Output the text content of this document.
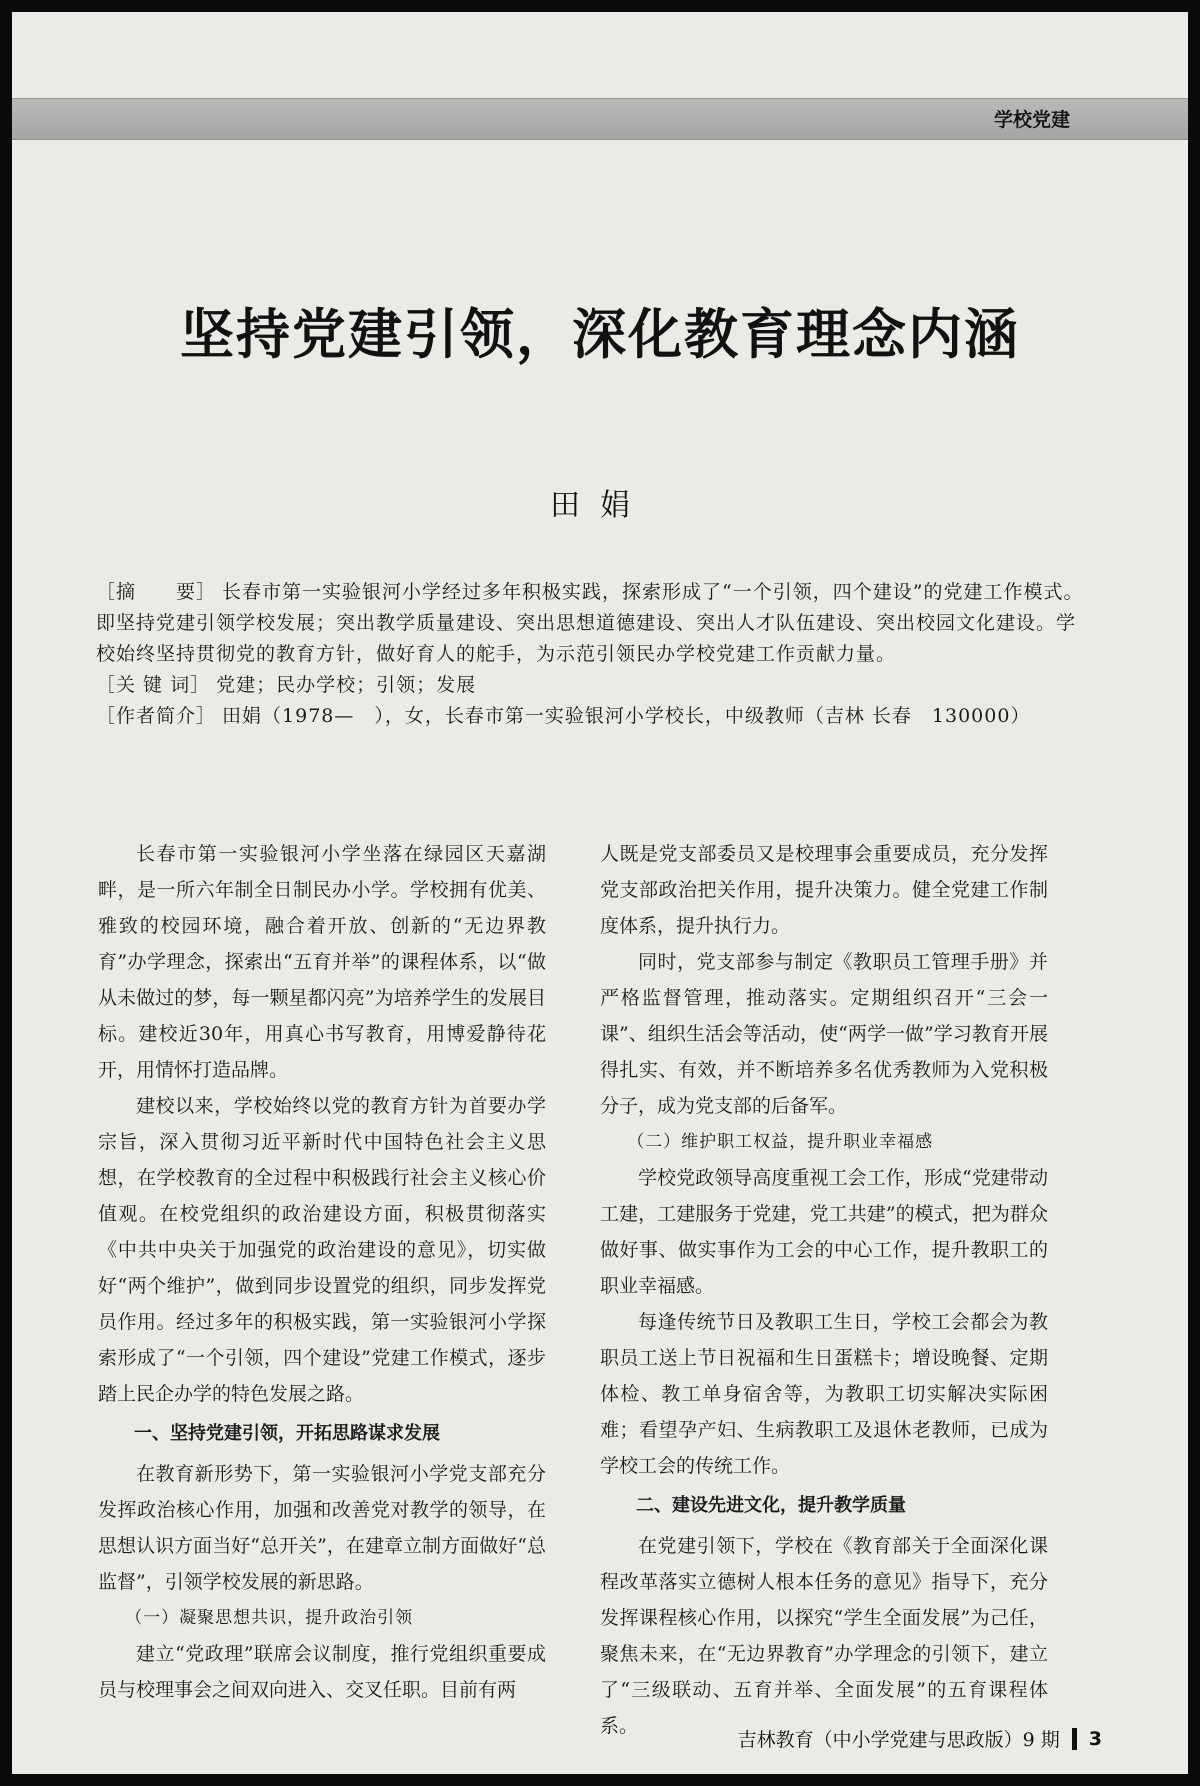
学校党建
坚持党建引领，深化教育理念内涵
田娟

［摘　　要］ 长春市第一实验银河小学经过多年积极实践，探索形成了“一个引领，四个建设”的党建工作模式。即坚持党建引领学校发展；突出教学质量建设、突出思想道德建设、突出人才队伍建设、突出校园文化建设。学校始终坚持贯彻党的教育方针，做好育人的舵手，为示范引领民办学校党建工作贡献力量。

［关 键 词］ 党建；民办学校；引领；发展

［作者简介］ 田娟（1978—　），女，长春市第一实验银河小学校长，中级教师（吉林 长春　130000）

长春市第一实验银河小学坐落在绿园区天嘉湖畔，是一所六年制全日制民办小学。学校拥有优美、雅致的校园环境，融合着开放、创新的“无边界教育”办学理念，探索出“五育并举”的课程体系，以“做从未做过的梦，每一颗星都闪亮”为培养学生的发展目标。建校近30年，用真心书写教育，用博爱静待花开，用情怀打造品牌。

建校以来，学校始终以党的教育方针为首要办学宗旨，深入贯彻习近平新时代中国特色社会主义思想，在学校教育的全过程中积极践行社会主义核心价值观。在校党组织的政治建设方面，积极贯彻落实《中共中央关于加强党的政治建设的意见》，切实做好“两个维护”，做到同步设置党的组织，同步发挥党员作用。经过多年的积极实践，第一实验银河小学探索形成了“一个引领，四个建设”党建工作模式，逐步踏上民企办学的特色发展之路。

一、坚持党建引领，开拓思路谋求发展

在教育新形势下，第一实验银河小学党支部充分发挥政治核心作用，加强和改善党对教学的领导，在思想认识方面当好“总开关”，在建章立制方面做好“总监督”，引领学校发展的新思路。

（一）凝聚思想共识，提升政治引领

建立“党政理”联席会议制度，推行党组织重要成员与校理事会之间双向进入、交叉任职。目前有两

人既是党支部委员又是校理事会重要成员，充分发挥党支部政治把关作用，提升决策力。健全党建工作制度体系，提升执行力。

同时，党支部参与制定《教职员工管理手册》并严格监督管理，推动落实。定期组织召开“三会一课”、组织生活会等活动，使“两学一做”学习教育开展得扎实、有效，并不断培养多名优秀教师为入党积极分子，成为党支部的后备军。

（二）维护职工权益，提升职业幸福感

学校党政领导高度重视工会工作，形成“党建带动工建，工建服务于党建，党工共建”的模式，把为群众做好事、做实事作为工会的中心工作，提升教职工的职业幸福感。

每逢传统节日及教职工生日，学校工会都会为教职员工送上节日祝福和生日蛋糕卡；增设晚餐、定期体检、教工单身宿舍等，为教职工切实解决实际困难；看望孕产妇、生病教职工及退休老教师，已成为学校工会的传统工作。

二、建设先进文化，提升教学质量

在党建引领下，学校在《教育部关于全面深化课程改革落实立德树人根本任务的意见》指导下，充分发挥课程核心作用，以探究“学生全面发展”为己任，聚焦未来，在“无边界教育”办学理念的引领下，建立了“三级联动、五育并举、全面发展”的五育课程体系。

吉林教育（中小学党建与思政版）9 期 3
